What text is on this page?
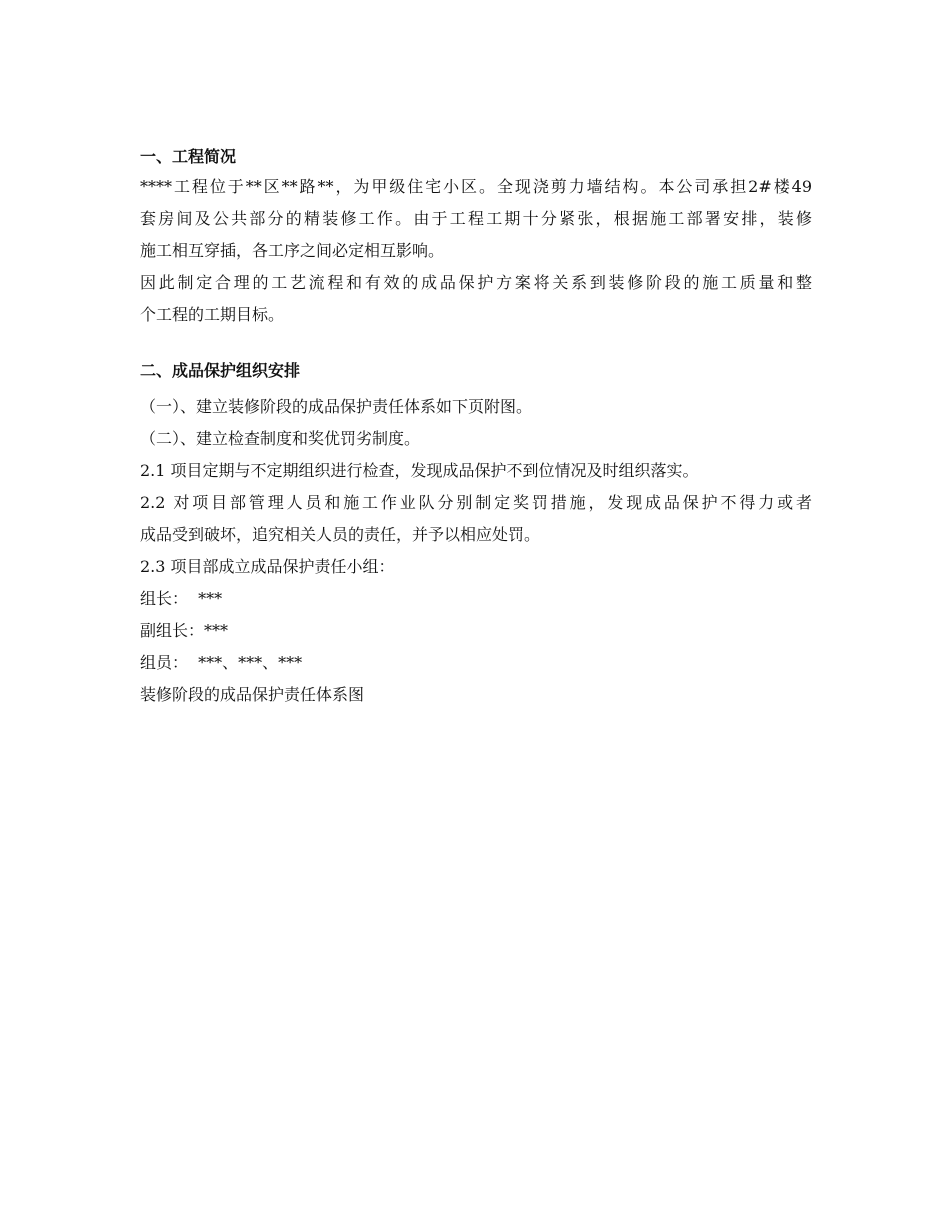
一、工程简况
****工程位于**区**路**，为甲级住宅小区。全现浇剪力墙结构。本公司承担2#楼49
套房间及公共部分的精装修工作。由于工程工期十分紧张，根据施工部署安排，装修
施工相互穿插，各工序之间必定相互影响。
因此制定合理的工艺流程和有效的成品保护方案将关系到装修阶段的施工质量和整
个工程的工期目标。
二、成品保护组织安排

（一）、建立装修阶段的成品保护责任体系如下页附图。

（二）、建立检查制度和奖优罚劣制度。

2.1 项目定期与不定期组织进行检查，发现成品保护不到位情况及时组织落实。

2.2 对项目部管理人员和施工作业队分别制定奖罚措施，发现成品保护不得力或者
成品受到破坏，追究相关人员的责任，并予以相应处罚。

2.3 项目部成立成品保护责任小组：

组长：  ***

副组长：***

组员：  ***、***、***

装修阶段的成品保护责任体系图
